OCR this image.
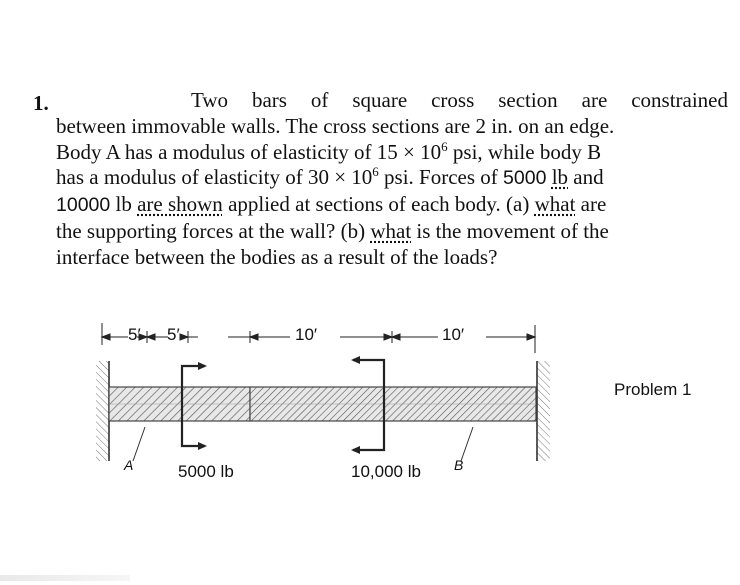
1.	Two bars of square cross section are constrained
between immovable walls. The cross sections are 2 in. on an edge.
Body A has a modulus of elasticity of $15 \times 10^6$ psi, while body B
has a modulus of elasticity of $30 \times 10^6$ psi. Forces of 5000 lb and
10000 lb are shown applied at sections of each body. (a) what are
the supporting forces at the wall? (b) what is the movement of the
interface between the bodies as a result of the loads?
5′ 5′	10′	10′
A	B
5000 lb	10,000 lb
Problem 1
